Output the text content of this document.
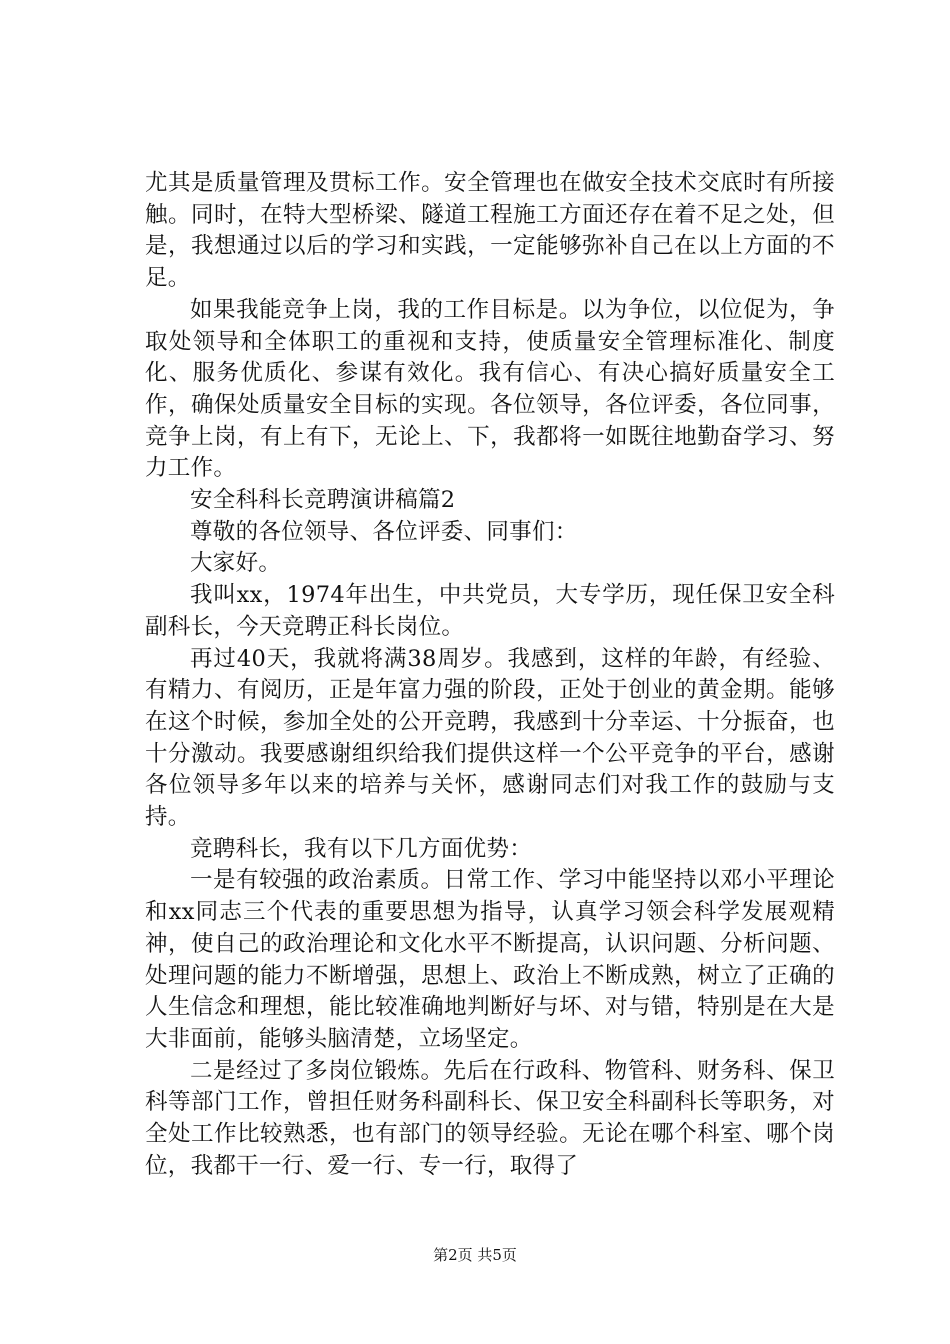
尤其是质量管理及贯标工作。安全管理也在做安全技术交底时有所接触。同时，在特大型桥梁、隧道工程施工方面还存在着不足之处，但是，我想通过以后的学习和实践，一定能够弥补自己在以上方面的不足。

如果我能竞争上岗，我的工作目标是。以为争位，以位促为，争取处领导和全体职工的重视和支持，使质量安全管理标准化、制度化、服务优质化、参谋有效化。我有信心、有决心搞好质量安全工作，确保处质量安全目标的实现。各位领导，各位评委，各位同事，竞争上岗，有上有下，无论上、下，我都将一如既往地勤奋学习、努力工作。

安全科科长竞聘演讲稿篇2

尊敬的各位领导、各位评委、同事们：

大家好。

我叫xx，1974年出生，中共党员，大专学历，现任保卫安全科副科长，今天竞聘正科长岗位。

再过40天，我就将满38周岁。我感到，这样的年龄，有经验、有精力、有阅历，正是年富力强的阶段，正处于创业的黄金期。能够在这个时候，参加全处的公开竞聘，我感到十分幸运、十分振奋，也十分激动。我要感谢组织给我们提供这样一个公平竞争的平台，感谢各位领导多年以来的培养与关怀，感谢同志们对我工作的鼓励与支持。

竞聘科长，我有以下几方面优势：

一是有较强的政治素质。日常工作、学习中能坚持以邓小平理论和xx同志三个代表的重要思想为指导，认真学习领会科学发展观精神，使自己的政治理论和文化水平不断提高，认识问题、分析问题、处理问题的能力不断增强，思想上、政治上不断成熟，树立了正确的人生信念和理想，能比较准确地判断好与坏、对与错，特别是在大是大非面前，能够头脑清楚，立场坚定。

二是经过了多岗位锻炼。先后在行政科、物管科、财务科、保卫科等部门工作，曾担任财务科副科长、保卫安全科副科长等职务，对全处工作比较熟悉，也有部门的领导经验。无论在哪个科室、哪个岗位，我都干一行、爱一行、专一行，取得了

第2页 共5页
